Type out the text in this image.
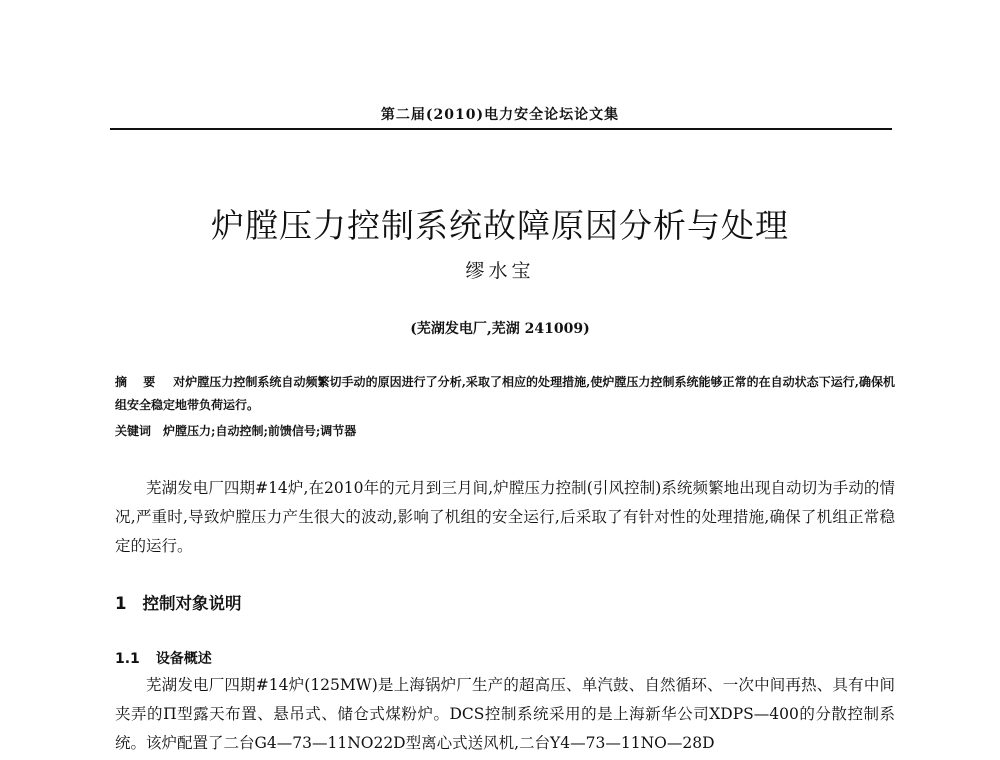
第二届(2010)电力安全论坛论文集
炉膛压力控制系统故障原因分析与处理
缪水宝
(芜湖发电厂,芜湖 241009)
摘 要 对炉膛压力控制系统自动频繁切手动的原因进行了分析,采取了相应的处理措施,使炉膛压力控制系统能够正常的在自动状态下运行,确保机组安全稳定地带负荷运行。
关键词 炉膛压力;自动控制;前馈信号;调节器

芜湖发电厂四期#14炉,在2010年的元月到三月间,炉膛压力控制(引风控制)系统频繁地出现自动切为手动的情况,严重时,导致炉膛压力产生很大的波动,影响了机组的安全运行,后采取了有针对性的处理措施,确保了机组正常稳定的运行。

1 控制对象说明
1.1 设备概述

芜湖发电厂四期#14炉(125MW)是上海锅炉厂生产的超高压、单汽鼓、自然循环、一次中间再热、具有中间夹弄的Π型露天布置、悬吊式、储仓式煤粉炉。DCS控制系统采用的是上海新华公司XDPS—400的分散控制系统。该炉配置了二台G4—73—11NO22D型离心式送风机,二台Y4—73—11NO—28D
